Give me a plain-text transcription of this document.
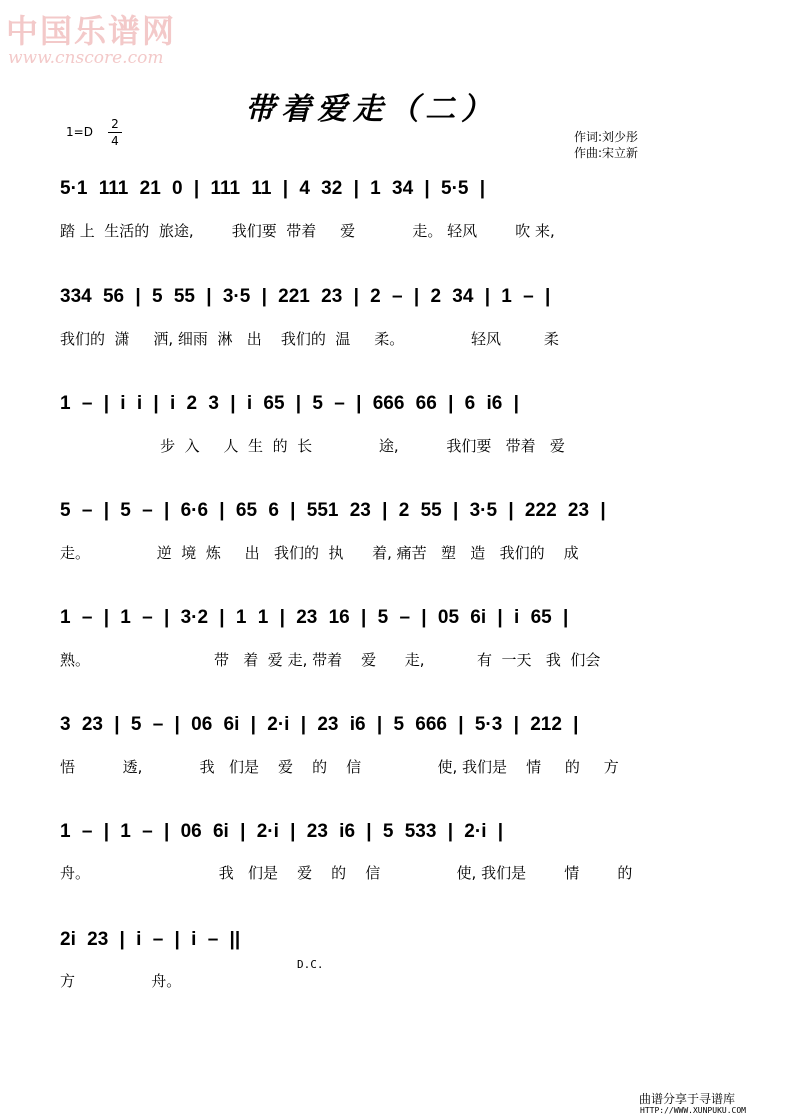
中国乐谱网
www.cnscore.com
带着爱走（二）
1=D
2
4	作词:刘少彤
作曲:宋立新
5·1 111 21 0 | 111 11 | 4 32 | 1 34 | 5·5 |
踏 上  生活的  旅途,        我们要  带着     爱            走。 轻风        吹 来,
334 56 | 5 55 | 3·5 | 221 23 | 2 – | 2 34 | 1 – |
我们的  潇     洒, 细雨  淋   出    我们的  温     柔。              轻风         柔
1 – | i i | i 2 3 | i 65 | 5 – | 666 66 | 6 i6 |
步  入     人  生  的  长              途,          我们要   带着   爱
5 – | 5 – | 6·6 | 65 6 | 551 23 | 2 55 | 3·5 | 222 23 |
走。              逆  境  炼     出   我们的  执      着, 痛苦   塑   造   我们的    成
1 – | 1 – | 3·2 | 1 1 | 23 16 | 5 – | 05 6i | i 65 |
熟。                          带   着  爱 走, 带着    爱      走,           有  一天   我  们会
3 23 | 5 – | 06 6i | 2·i | 23 i6 | 5 666 | 5·3 | 212 |
悟          透,            我   们是    爱    的    信                使, 我们是    情     的     方
1 – | 1 – | 06 6i | 2·i | 23 i6 | 5 533 | 2·i |
舟。                           我   们是    爱    的    信                使, 我们是        情        的
2i 23 | i – | i – ||
方                舟。
D.C.
曲谱分享于寻谱库
HTTP://WWW.XUNPUKU.COM
